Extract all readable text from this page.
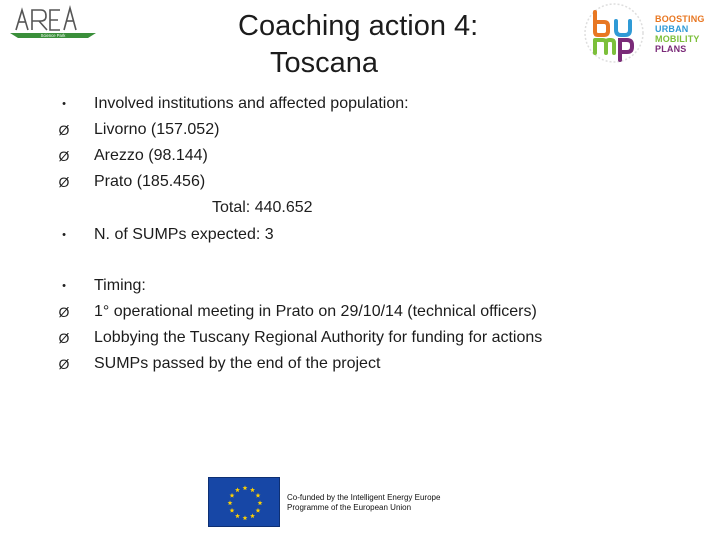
Science Park
BOOSTING
URBAN
MOBILITY
PLANS
Coaching action 4:
Toscana
• Involved institutions and affected population:
Ø Livorno (157.052)
Ø Arezzo (98.144)
Ø Prato (185.456)
Total: 440.652
• N. of SUMPs expected: 3
• Timing:
Ø 1° operational meeting in Prato on 29/10/14 (technical officers)
Ø Lobbying the Tuscany Regional Authority for funding for actions
Ø SUMPs passed by the end of the project
Co-funded by the Intelligent Energy Europe
Programme of the European Union
